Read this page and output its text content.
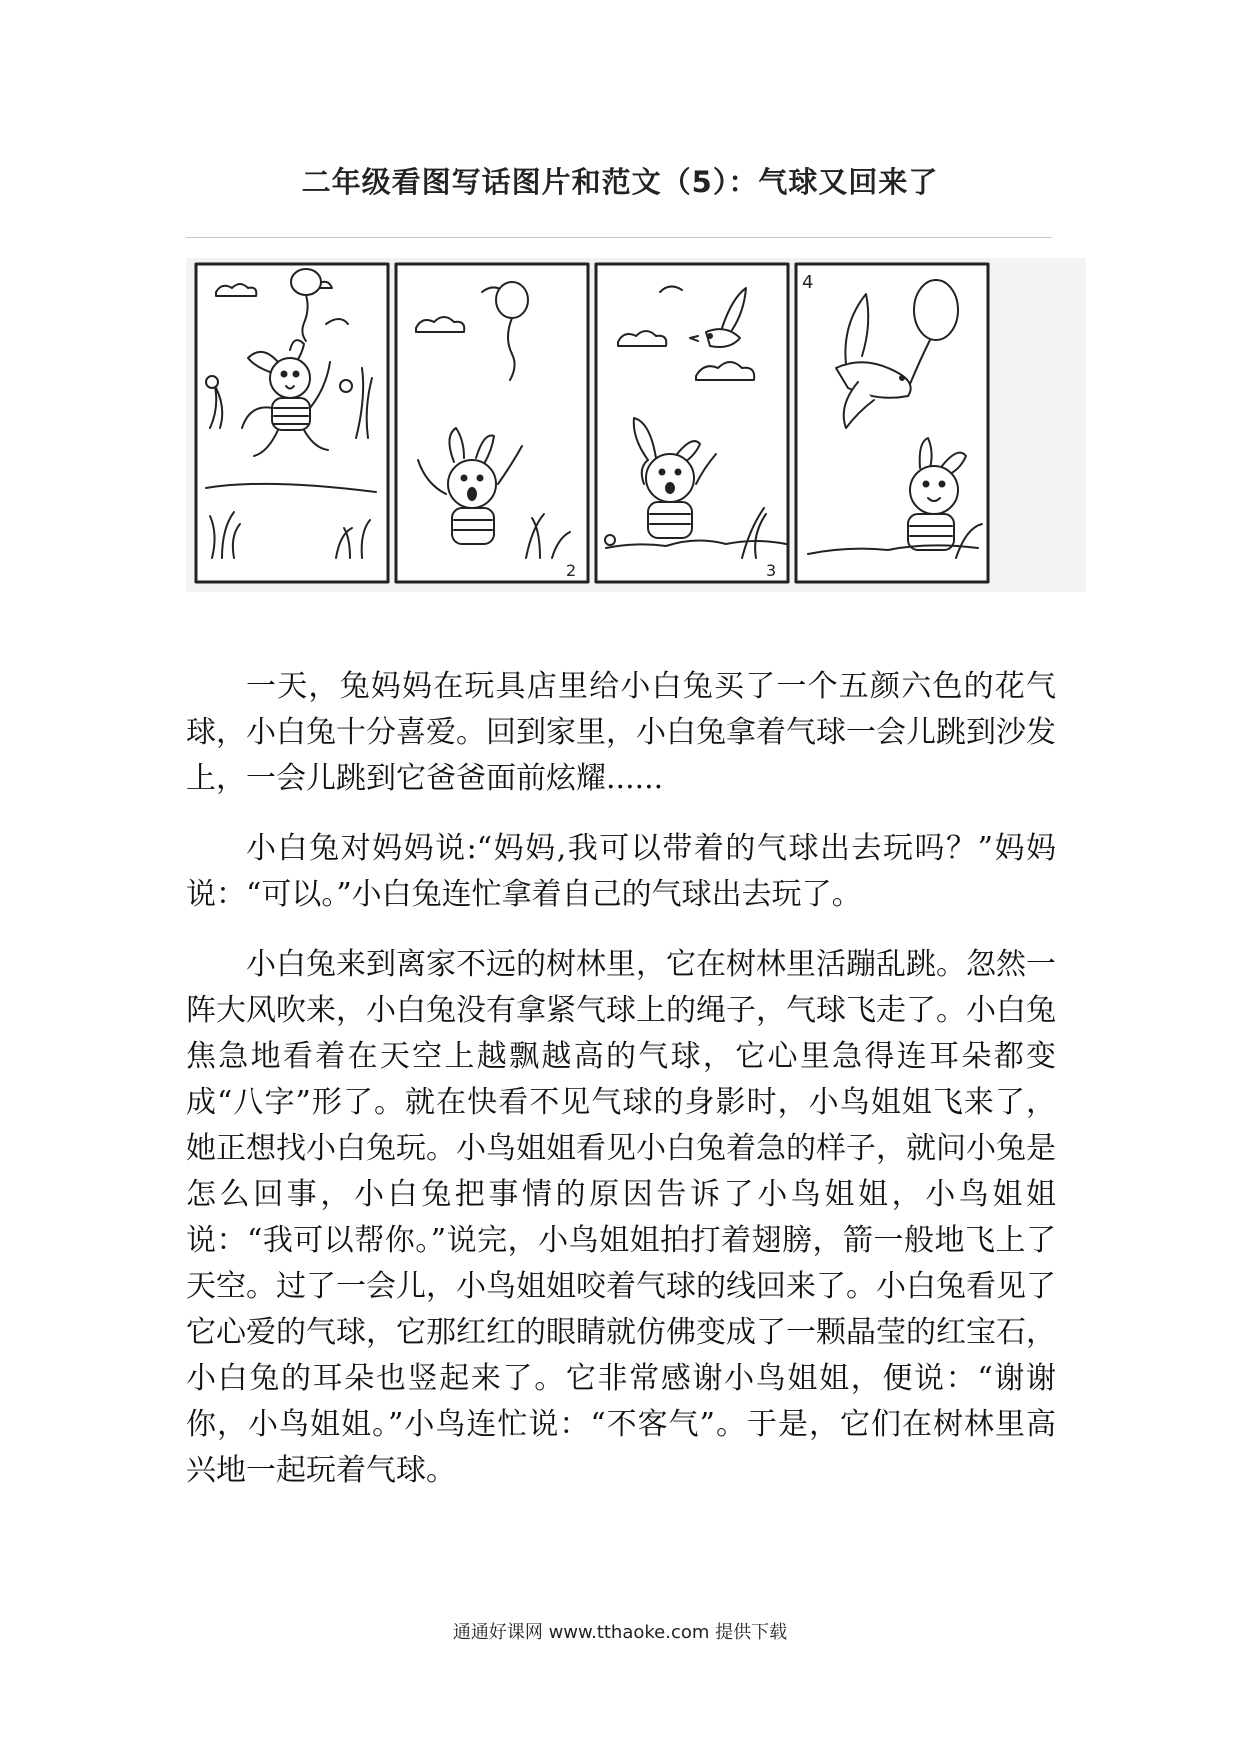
二年级看图写话图片和范文（5）：气球又回来了
2	3
4

一天，兔妈妈在玩具店里给小白兔买了一个五颜六色的花气球，小白兔十分喜爱。回到家里，小白兔拿着气球一会儿跳到沙发上，一会儿跳到它爸爸面前炫耀......

小白兔对妈妈说:“妈妈,我可以带着的气球出去玩吗？”妈妈说：“可以。”小白兔连忙拿着自己的气球出去玩了。

小白兔来到离家不远的树林里，它在树林里活蹦乱跳。忽然一阵大风吹来，小白兔没有拿紧气球上的绳子，气球飞走了。小白兔焦急地看着在天空上越飘越高的气球，它心里急得连耳朵都变成“八字”形了。就在快看不见气球的身影时，小鸟姐姐飞来了，她正想找小白兔玩。小鸟姐姐看见小白兔着急的样子，就问小兔是怎么回事，小白兔把事情的原因告诉了小鸟姐姐，小鸟姐姐说：“我可以帮你。”说完，小鸟姐姐拍打着翅膀，箭一般地飞上了天空。过了一会儿，小鸟姐姐咬着气球的线回来了。小白兔看见了它心爱的气球，它那红红的眼睛就仿佛变成了一颗晶莹的红宝石，小白兔的耳朵也竖起来了。它非常感谢小鸟姐姐，便说：“谢谢你，小鸟姐姐。”小鸟连忙说：“不客气”。于是，它们在树林里高兴地一起玩着气球。

通通好课网 www.tthaoke.com 提供下载
